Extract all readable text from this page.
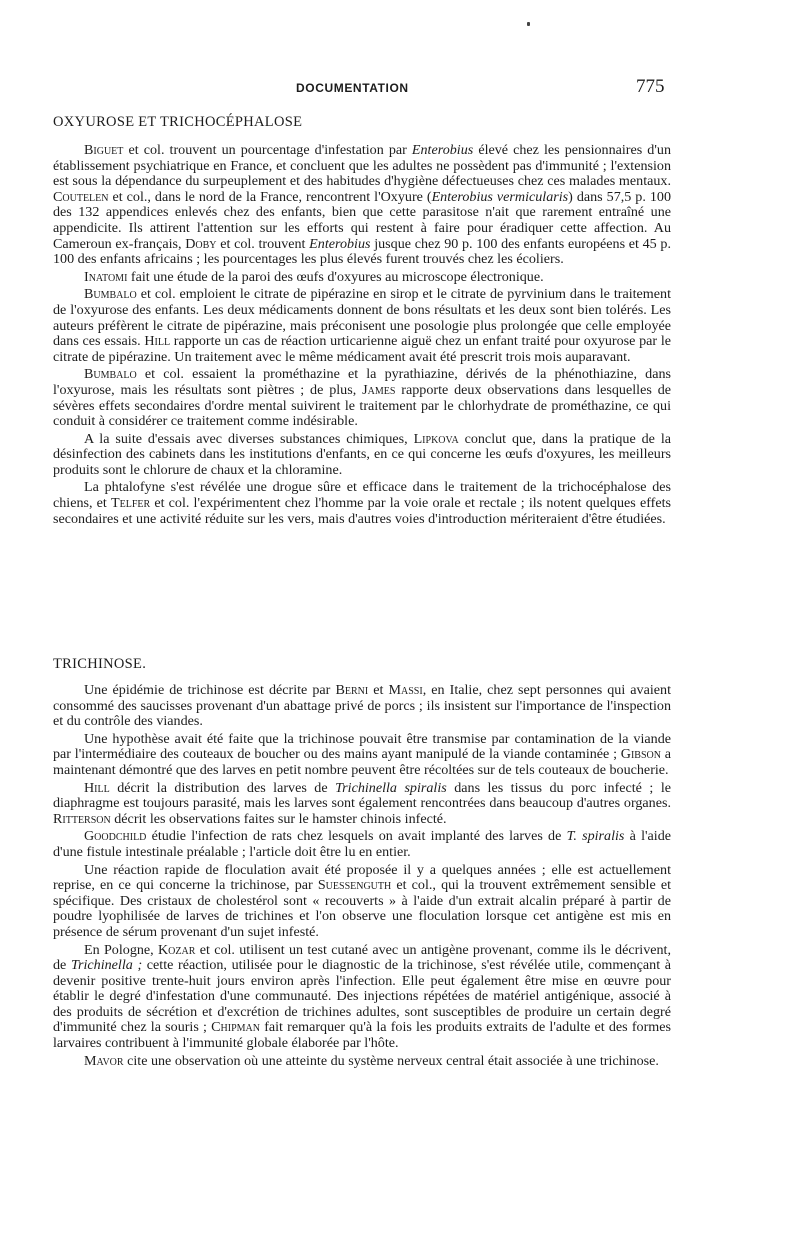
DOCUMENTATION	775
OXYUROSE ET TRICHOCÉPHALOSE

Biguet et col. trouvent un pourcentage d'infestation par Enterobius élevé chez les pensionnaires d'un établissement psychiatrique en France, et concluent que les adultes ne possèdent pas d'immunité ; l'extension est sous la dépendance du surpeuplement et des habitudes d'hygiène défectueuses chez ces malades mentaux. Coutelen et col., dans le nord de la France, rencontrent l'Oxyure (Enterobius vermicularis) dans 57,5 p. 100 des 132 appendices enlevés chez des enfants, bien que cette parasitose n'ait que rarement entraîné une appendicite. Ils attirent l'attention sur les efforts qui restent à faire pour éradiquer cette affection. Au Cameroun ex-français, Doby et col. trouvent Enterobius jusque chez 90 p. 100 des enfants européens et 45 p. 100 des enfants africains ; les pourcentages les plus élevés furent trouvés chez les écoliers.

Inatomi fait une étude de la paroi des œufs d'oxyures au microscope électronique.

Bumbalo et col. emploient le citrate de pipérazine en sirop et le citrate de pyrvinium dans le traitement de l'oxyurose des enfants. Les deux médicaments donnent de bons résultats et les deux sont bien tolérés. Les auteurs préfèrent le citrate de pipérazine, mais préconisent une posologie plus prolongée que celle employée dans ces essais. Hill rapporte un cas de réaction urticarienne aiguë chez un enfant traité pour oxyurose par le citrate de pipérazine. Un traitement avec le même médicament avait été prescrit trois mois auparavant.

Bumbalo et col. essaient la prométhazine et la pyrathiazine, dérivés de la phénothiazine, dans l'oxyurose, mais les résultats sont piètres ; de plus, James rapporte deux observations dans lesquelles de sévères effets secondaires d'ordre mental suivirent le traitement par le chlorhydrate de prométhazine, ce qui conduit à considérer ce traitement comme indésirable.

A la suite d'essais avec diverses substances chimiques, Lipkova conclut que, dans la pratique de la désinfection des cabinets dans les institutions d'enfants, en ce qui concerne les œufs d'oxyures, les meilleurs produits sont le chlorure de chaux et la chloramine.

La phtalofyne s'est révélée une drogue sûre et efficace dans le traitement de la trichocéphalose des chiens, et Telfer et col. l'expérimentent chez l'homme par la voie orale et rectale ; ils notent quelques effets secondaires et une activité réduite sur les vers, mais d'autres voies d'introduction mériteraient d'être étudiées.

TRICHINOSE.

Une épidémie de trichinose est décrite par Berni et Massi, en Italie, chez sept personnes qui avaient consommé des saucisses provenant d'un abattage privé de porcs ; ils insistent sur l'importance de l'inspection et du contrôle des viandes.

Une hypothèse avait été faite que la trichinose pouvait être transmise par contamination de la viande par l'intermédiaire des couteaux de boucher ou des mains ayant manipulé de la viande contaminée ; Gibson a maintenant démontré que des larves en petit nombre peuvent être récoltées sur de tels couteaux de boucherie.

Hill décrit la distribution des larves de Trichinella spiralis dans les tissus du porc infecté ; le diaphragme est toujours parasité, mais les larves sont également rencontrées dans beaucoup d'autres organes. Ritterson décrit les observations faites sur le hamster chinois infecté.

Goodchild étudie l'infection de rats chez lesquels on avait implanté des larves de T. spiralis à l'aide d'une fistule intestinale préalable ; l'article doit être lu en entier.

Une réaction rapide de floculation avait été proposée il y a quelques années ; elle est actuellement reprise, en ce qui concerne la trichinose, par Suessenguth et col., qui la trouvent extrêmement sensible et spécifique. Des cristaux de cholestérol sont « recouverts » à l'aide d'un extrait alcalin préparé à partir de poudre lyophilisée de larves de trichines et l'on observe une floculation lorsque cet antigène est mis en présence de sérum provenant d'un sujet infesté.

En Pologne, Kozar et col. utilisent un test cutané avec un antigène provenant, comme ils le décrivent, de Trichinella ; cette réaction, utilisée pour le diagnostic de la trichinose, s'est révélée utile, commençant à devenir positive trente-huit jours environ après l'infection. Elle peut également être mise en œuvre pour établir le degré d'infestation d'une communauté. Des injections répétées de matériel antigénique, associé à des produits de sécrétion et d'excrétion de trichines adultes, sont susceptibles de produire un certain degré d'immunité chez la souris ; Chipman fait remarquer qu'à la fois les produits extraits de l'adulte et des formes larvaires contribuent à l'immunité globale élaborée par l'hôte.

Mavor cite une observation où une atteinte du système nerveux central était associée à une trichinose.
